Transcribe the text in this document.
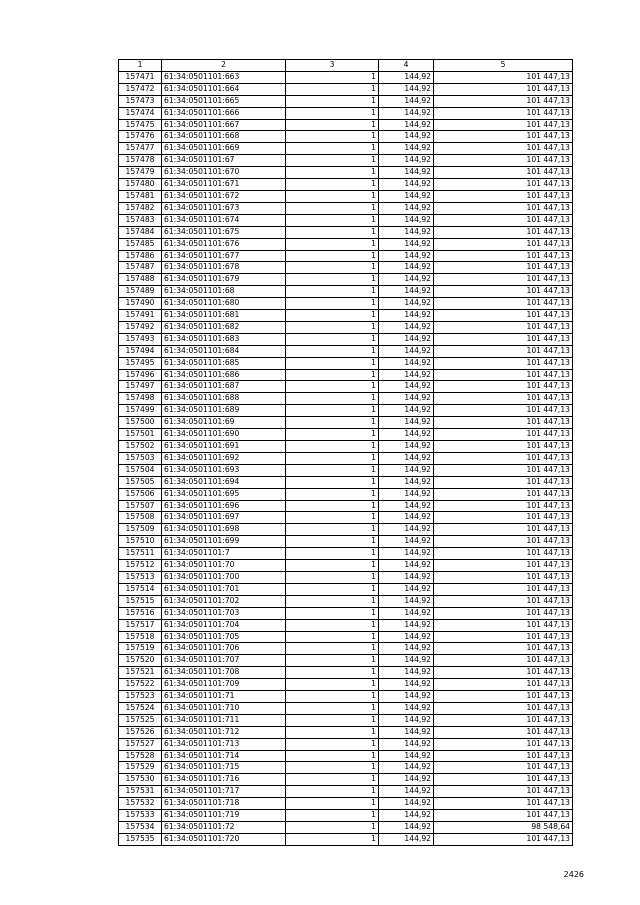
1	2	3	4	5
157471	61:34:0501101:663	1	144,92	101 447,13
157472	61:34:0501101:664	1	144,92	101 447,13
157473	61:34:0501101:665	1	144,92	101 447,13
157474	61:34:0501101:666	1	144,92	101 447,13
157475	61:34:0501101:667	1	144,92	101 447,13
157476	61:34:0501101:668	1	144,92	101 447,13
157477	61:34:0501101:669	1	144,92	101 447,13
157478	61:34:0501101:67	1	144,92	101 447,13
157479	61:34:0501101:670	1	144,92	101 447,13
157480	61:34:0501101:671	1	144,92	101 447,13
157481	61:34:0501101:672	1	144,92	101 447,13
157482	61:34:0501101:673	1	144,92	101 447,13
157483	61:34:0501101:674	1	144,92	101 447,13
157484	61:34:0501101:675	1	144,92	101 447,13
157485	61:34:0501101:676	1	144,92	101 447,13
157486	61:34:0501101:677	1	144,92	101 447,13
157487	61:34:0501101:678	1	144,92	101 447,13
157488	61:34:0501101:679	1	144,92	101 447,13
157489	61:34:0501101:68	1	144,92	101 447,13
157490	61:34:0501101:680	1	144,92	101 447,13
157491	61:34:0501101:681	1	144,92	101 447,13
157492	61:34:0501101:682	1	144,92	101 447,13
157493	61:34:0501101:683	1	144,92	101 447,13
157494	61:34:0501101:684	1	144,92	101 447,13
157495	61:34:0501101:685	1	144,92	101 447,13
157496	61:34:0501101:686	1	144,92	101 447,13
157497	61:34:0501101:687	1	144,92	101 447,13
157498	61:34:0501101:688	1	144,92	101 447,13
157499	61:34:0501101:689	1	144,92	101 447,13
157500	61:34:0501101:69	1	144,92	101 447,13
157501	61:34:0501101:690	1	144,92	101 447,13
157502	61:34:0501101:691	1	144,92	101 447,13
157503	61:34:0501101:692	1	144,92	101 447,13
157504	61:34:0501101:693	1	144,92	101 447,13
157505	61:34:0501101:694	1	144,92	101 447,13
157506	61:34:0501101:695	1	144,92	101 447,13
157507	61:34:0501101:696	1	144,92	101 447,13
157508	61:34:0501101:697	1	144,92	101 447,13
157509	61:34:0501101:698	1	144,92	101 447,13
157510	61:34:0501101:699	1	144,92	101 447,13
157511	61:34:0501101:7	1	144,92	101 447,13
157512	61:34:0501101:70	1	144,92	101 447,13
157513	61:34:0501101:700	1	144,92	101 447,13
157514	61:34:0501101:701	1	144,92	101 447,13
157515	61:34:0501101:702	1	144,92	101 447,13
157516	61:34:0501101:703	1	144,92	101 447,13
157517	61:34:0501101:704	1	144,92	101 447,13
157518	61:34:0501101:705	1	144,92	101 447,13
157519	61:34:0501101:706	1	144,92	101 447,13
157520	61:34:0501101:707	1	144,92	101 447,13
157521	61:34:0501101:708	1	144,92	101 447,13
157522	61:34:0501101:709	1	144,92	101 447,13
157523	61:34:0501101:71	1	144,92	101 447,13
157524	61:34:0501101:710	1	144,92	101 447,13
157525	61:34:0501101:711	1	144,92	101 447,13
157526	61:34:0501101:712	1	144,92	101 447,13
157527	61:34:0501101:713	1	144,92	101 447,13
157528	61:34:0501101:714	1	144,92	101 447,13
157529	61:34:0501101:715	1	144,92	101 447,13
157530	61:34:0501101:716	1	144,92	101 447,13
157531	61:34:0501101:717	1	144,92	101 447,13
157532	61:34:0501101:718	1	144,92	101 447,13
157533	61:34:0501101:719	1	144,92	101 447,13
157534	61:34:0501101:72	1	144,92	98 548,64
157535	61:34:0501101:720	1	144,92	101 447,13
2426
